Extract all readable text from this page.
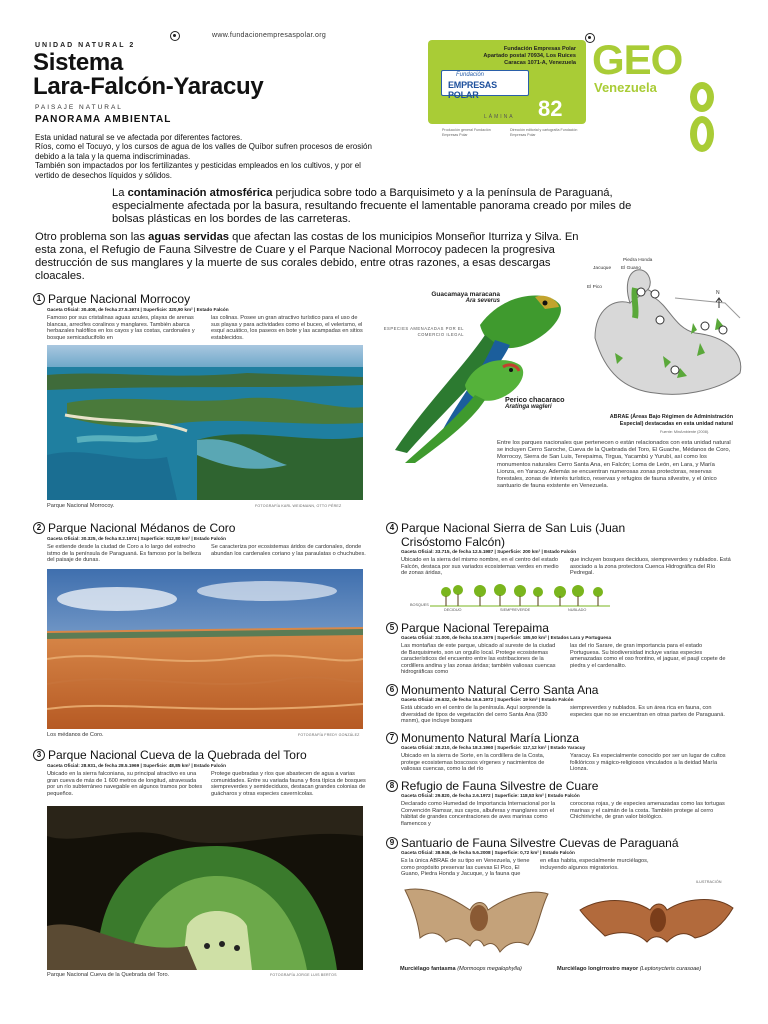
www.fundacionempresaspolar.org
UNIDAD NATURAL 2
Sistema
Lara-Falcón-Yaracuy
PAISAJE NATURAL
PANORAMA AMBIENTAL
Fundación Empresas Polar
Apartado postal 70934, Los Ruices
Caracas 1071-A, Venezuela
Fundación
EMPRESAS POLAR
LÁMINA 82
GEO
Venezuela
Producción general Fundación Empresas Polar
Dirección editorial y cartografía Fundación Empresas Polar
Esta unidad natural se ve afectada por diferentes factores.
Ríos, como el Tocuyo, y los cursos de agua de los valles de Quíbor sufren procesos de erosión debido a la tala y la quema indiscriminadas.
También son impactados por los fertilizantes y pesticidas empleados en los cultivos, y por el vertido de desechos líquidos y sólidos.
La contaminación atmosférica perjudica sobre todo a Barquisimeto y a la península de Paraguaná, especialmente afectada por la basura, resultando frecuente el lamentable panorama creado por miles de bolsas plásticas en los bordes de las carreteras.
Otro problema son las aguas servidas que afectan las costas de los municipios Monseñor Iturriza y Silva. En esta zona, el Refugio de Fauna Silvestre de Cuare y el Parque Nacional Morrocoy padecen la progresiva destrucción de sus manglares y la muerte de sus corales debido, entre otras razones, a esas descargas cloacales.
1 Parque Nacional Morrocoy
Gaceta Oficial: 30.408, de fecha 27.5.1974 | Superficie: 320,90 km² | Estado Falcón
Famoso por sus cristalinas aguas azules, playas de arenas blancas, arrecifes coralinos y manglares. También abarca herbazales halófilos en los cayos y las costas, cardonales y bosque semicaducifolio en
las colinas. Posee un gran atractivo turístico para el uso de sus playas y para actividades como el buceo, el velerismo, el esquí acuático, los paseos en bote y las acampadas en sitios establecidos.
Parque Nacional Morrocoy.	FOTOGRAFÍA KARL WEIDMANN, OTTO PÉREZ
2 Parque Nacional Médanos de Coro
Gaceta Oficial: 30.325, de fecha 8.2.1974 | Superficie: 912,80 km² | Estado Falcón
Se extiende desde la ciudad de Coro a lo largo del estrecho istmo de la península de Paraguaná. Es famoso por la belleza del paisaje de dunas.
Se caracteriza por ecosistemas áridos de cardonales, donde abundan los cardenales coriano y las paraulatas o chuchubes.
Los médanos de Coro.	FOTOGRAFÍA FREDY GONZÁLEZ
3 Parque Nacional Cueva de la Quebrada del Toro
Gaceta Oficial: 28.931, de fecha 28.5.1969 | Superficie: 48,85 km² | Estado Falcón
Ubicado en la sierra falconiana, su principal atractivo es una gran cueva de más de 1 600 metros de longitud, atravesada por un río subterráneo navegable en algunos tramos por botes pequeños.
Protege quebradas y ríos que abastecen de agua a varias comunidades. Entre su variada fauna y flora típica de bosques siempreverdes y semideciduos, destacan grandes colonias de guácharos y otras especies cavernícolas.
Parque Nacional Cueva de la Quebrada del Toro.	FOTOGRAFÍA JORGE LUIS BERTOS
Guacamaya maracana
Ara severus
ESPECIES AMENAZADAS POR EL COMERCIO ILEGAL
Perico chacaraco
Aratinga wagleri
N
Piedra Honda
Jacuque El Guano
El Pico
ABRAE (Áreas Bajo Régimen de Administración Especial) destacadas en esta unidad natural
Fuente: MinAmbiente (2008).
Entre los parques nacionales que pertenecen o están relacionados con esta unidad natural se incluyen Cerro Saroche, Cueva de la Quebrada del Toro, El Guache, Médanos de Coro, Morrocoy, Sierra de San Luis, Terepaima, Tirgua, Yacambú y Yurubí, así como los monumentos naturales Cerro Santa Ana, en Falcón; Loma de León, en Lara, y María Lionza, en Yaracuy. Además se encuentran numerosas zonas protectoras, reservas forestales, zonas de interés turístico, reservas y refugios de fauna silvestre, y el único santuario de fauna existente en Venezuela.
4 Parque Nacional Sierra de San Luis (Juan Crisóstomo Falcón)
Gaceta Oficial: 33.715, de fecha 12.5.1987 | Superficie: 200 km² | Estado Falcón
Ubicado en la sierra del mismo nombre, en el centro del estado Falcón, destaca por sus variados ecosistemas verdes en medio de zonas áridas,
que incluyen bosques deciduos, siempreverdes y nublados. Está asociado a la zona protectora Cuenca Hidrográfica del Río Pedregal.
BOSQUES
DECIDUO	SIEMPREVERDE	NUBLADO
5 Parque Nacional Terepaima
Gaceta Oficial: 31.000, de fecha 10.6.1976 | Superficie: 185,50 km² | Estados Lara y Portuguesa
Las montañas de este parque, ubicado al sureste de la ciudad de Barquisimeto, son un orgullo local. Protege ecosistemas característicos del encuentro entre las estribaciones de la cordillera andina y las zonas áridas; también valiosas cuencas hidrográficas como
las del río Sarare, de gran importancia para el estado Portuguesa. Su biodiversidad incluye varias especies amenazadas como el oso frontino, el jaguar, el paují copete de piedra y el cardenalito.
6 Monumento Natural Cerro Santa Ana
Gaceta Oficial: 29.632, de fecha 16.6.1972 | Superficie: 19 km² | Estado Falcón
Está ubicado en el centro de la península. Aquí sorprende la diversidad de tipos de vegetación del cerro Santa Ana (830 msnm), que incluye bosques
siempreverdes y nublados. Es un área rica en fauna, con especies que no se encuentran en otras partes de Paraguaná.
7 Monumento Natural María Lionza
Gaceta Oficial: 28.210, de fecha 18.3.1960 | Superficie: 117,12 km² | Estado Yaracuy
Ubicado en la sierra de Sorte, en la cordillera de la Costa, protege ecosistemas boscosos vírgenes y nacimientos de valiosas cuencas, como la del río
Yaracuy. Es especialmente conocido por ser un lugar de cultos folklóricos y mágico-religiosos vinculados a la deidad María Lionza.
8 Refugio de Fauna Silvestre de Cuare
Gaceta Oficial: 29.820, de fecha 2.6.1972 | Superficie: 118,53 km² | Estado Falcón
Declarado como Humedad de Importancia Internacional por la Convención Ramsar, sus cayos, albuferas y manglares son el hábitat de grandes concentraciones de aves marinas como flamencos y
corocoras rojas, y de especies amenazadas como las tortugas marinas y el caimán de la costa. También protege al cerro Chichiriviche, de gran valor biológico.
9 Santuario de Fauna Silvestre Cuevas de Paraguaná
Gaceta Oficial: 38.946, de fecha 5.6.2008 | Superficie: 0,72 km² | Estado Falcón
Es la única ABRAE de su tipo en Venezuela, y tiene como propósito preservar las cuevas El Pico, El Guano, Piedra Honda y Jacuque, y la fauna que
en ellas habita, especialmente murciélagos, incluyendo algunos migratorios.
ILUSTRACIÓN
Murciélago fantasma (Mormoops megalophylla)	Murciélago longirrostro mayor (Leptonycteris curasoae)
